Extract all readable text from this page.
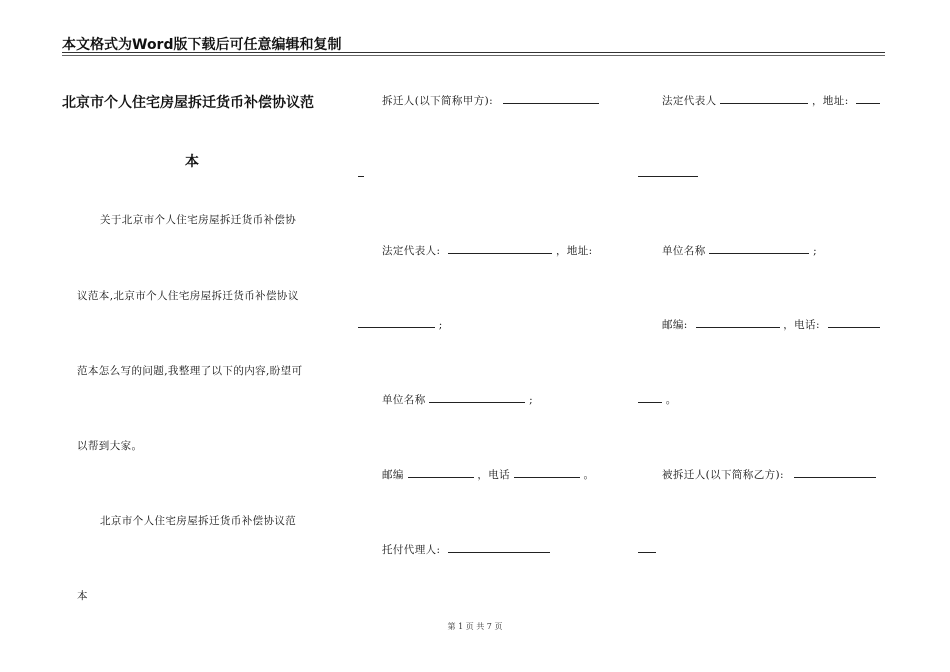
本文格式为Word版下载后可任意编辑和复制
北京市个人住宅房屋拆迁货币补偿协议范
本
关于北京市个人住宅房屋拆迁货币补偿协
议范本,北京市个人住宅房屋拆迁货币补偿协议
范本怎么写的问题,我整理了以下的内容,盼望可
以帮到大家。
北京市个人住宅房屋拆迁货币补偿协议范
本
拆迁人(以下简称甲方):
法定代表人:	，地址:
;
单位名称	;
邮编	，电话	。
托付代理人:
法定代表人	，地址:
单位名称	;
邮编:	，电话:
。
被拆迁人(以下简称乙方):
第 1 页 共 7 页
